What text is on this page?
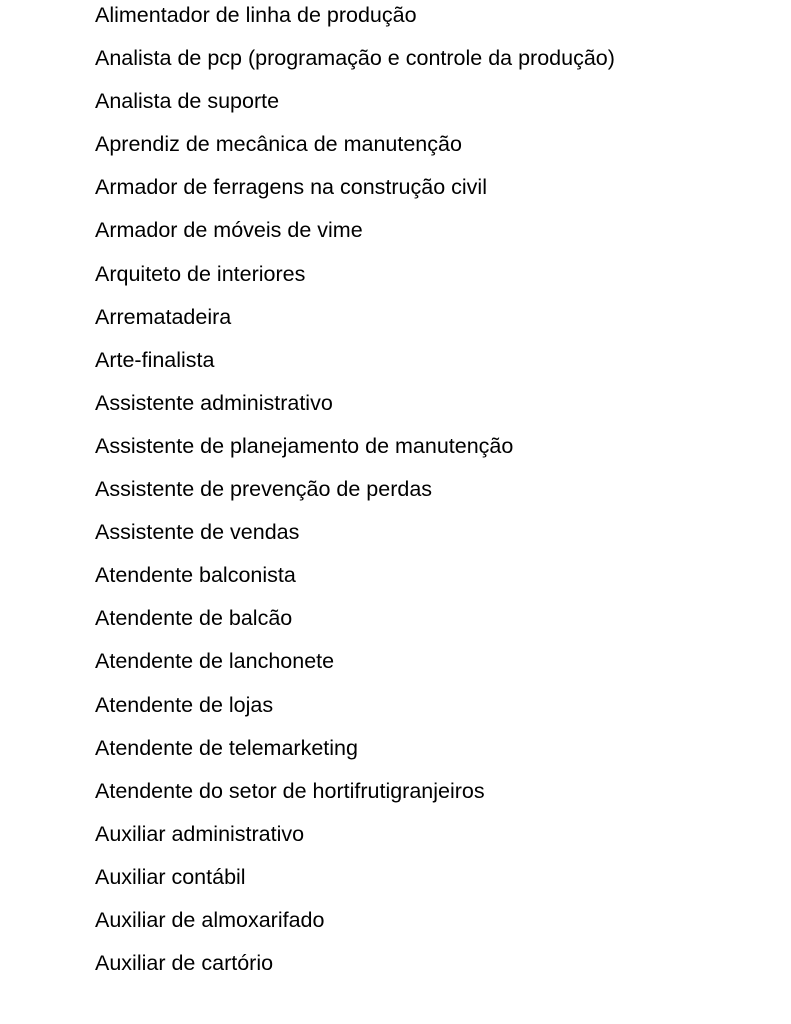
Alimentador de linha de produção
Analista de pcp (programação e controle da produção)
Analista de suporte
Aprendiz de mecânica de manutenção
Armador de ferragens na construção civil
Armador de móveis de vime
Arquiteto de interiores
Arrematadeira
Arte-finalista
Assistente administrativo
Assistente de planejamento de manutenção
Assistente de prevenção de perdas
Assistente de vendas
Atendente balconista
Atendente de balcão
Atendente de lanchonete
Atendente de lojas
Atendente de telemarketing
Atendente do setor de hortifrutigranjeiros
Auxiliar administrativo
Auxiliar contábil
Auxiliar de almoxarifado
Auxiliar de cartório
